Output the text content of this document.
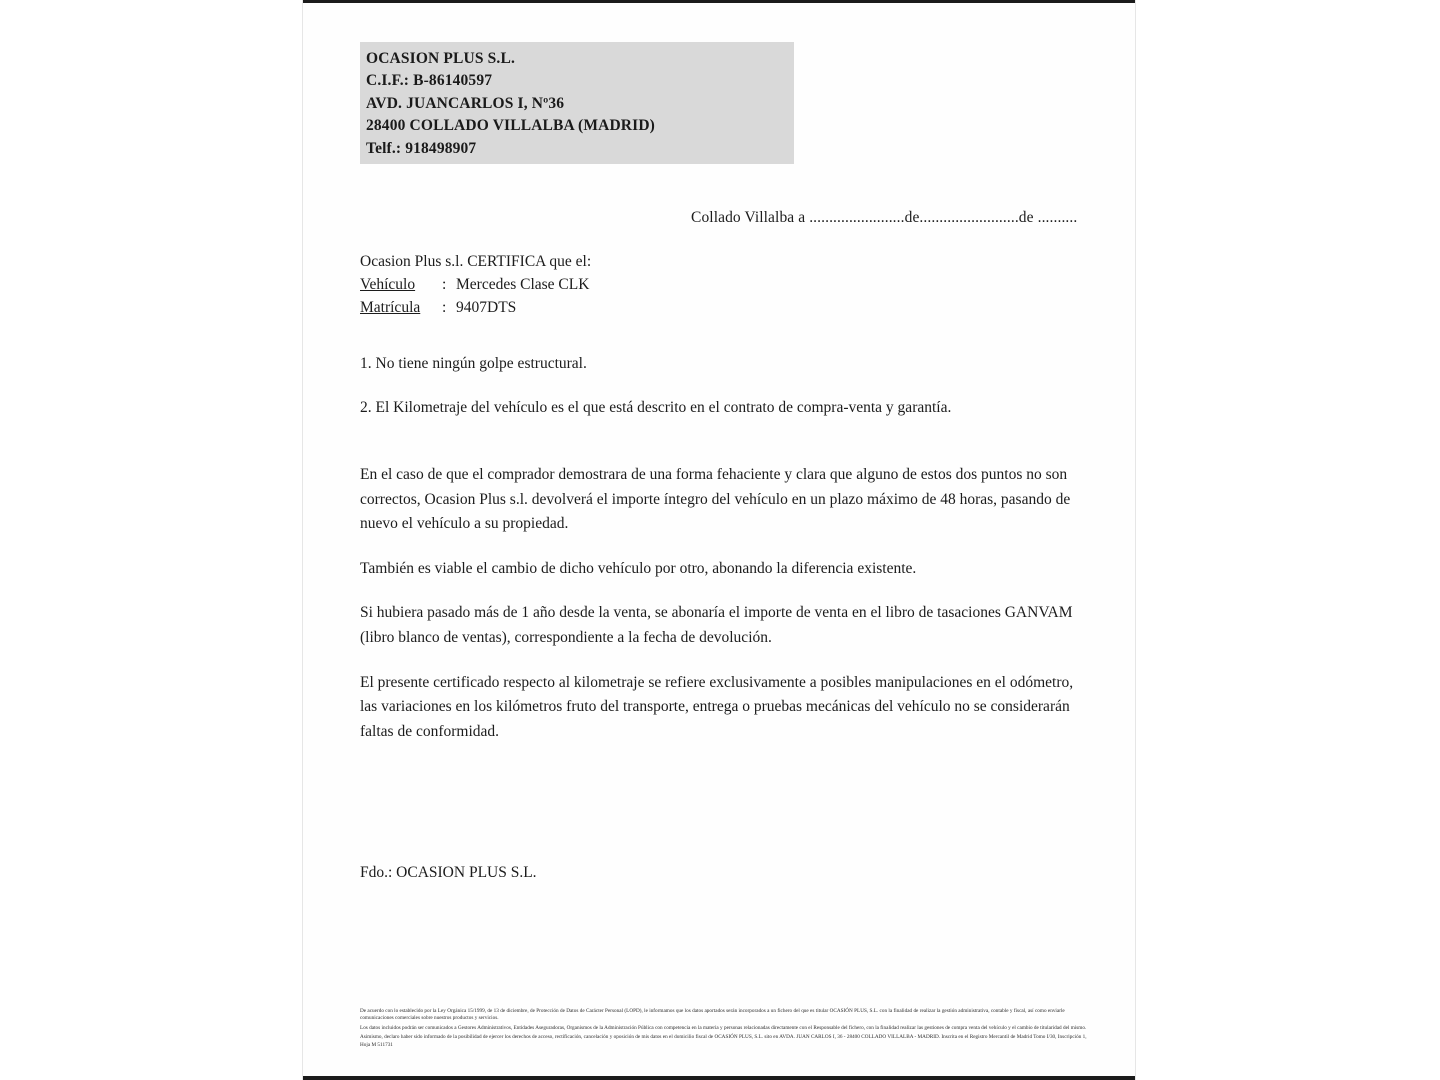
OCASION PLUS S.L.
C.I.F.: B-86140597
AVD. JUANCARLOS I, Nº36
28400 COLLADO VILLALBA (MADRID)
Telf.: 918498907
Collado Villalba a ........................de.........................de ..........
Ocasion Plus s.l. CERTIFICA que el:
Vehículo	: Mercedes Clase CLK
Matrícula	: 9407DTS
1. No tiene ningún golpe estructural.
2. El Kilometraje del vehículo es el que está descrito en el contrato de compra-venta y garantía.
En el caso de que el comprador demostrara de una forma fehaciente y clara que alguno de estos dos puntos no son correctos, Ocasion Plus s.l. devolverá el importe íntegro del vehículo en un plazo máximo de 48 horas, pasando de nuevo el vehículo a su propiedad.
También es viable el cambio de dicho vehículo por otro, abonando la diferencia existente.
Si hubiera pasado más de 1 año desde la venta, se abonaría el importe de venta en el libro de tasaciones GANVAM (libro blanco de ventas), correspondiente a la fecha de devolución.
El presente certificado respecto al kilometraje se refiere exclusivamente a posibles manipulaciones en el odómetro, las variaciones en los kilómetros fruto del transporte, entrega o pruebas mecánicas del vehículo no se considerarán faltas de conformidad.
Fdo.: OCASION PLUS S.L.

De acuerdo con lo establecido por la Ley Orgánica 15/1999, de 13 de diciembre, de Protección de Datos de Carácter Personal (LOPD), le informamos que los datos aportados serán incorporados a un fichero del que es titular OCASIÓN PLUS, S.L. con la finalidad de realizar la gestión administrativa, contable y fiscal, así como enviarle comunicaciones comerciales sobre nuestros productos y servicios.

Los datos incluidos podrán ser comunicados a Gestores Administrativos, Entidades Aseguradoras, Organismos de la Administración Pública con competencia en la materia y personas relacionadas directamente con el Responsable del fichero, con la finalidad realizar las gestiones de compra venta del vehículo y el cambio de titularidad del mismo.

Asimismo, declaro haber sido informado de la posibilidad de ejercer los derechos de acceso, rectificación, cancelación y oposición de mis datos en el domicilio fiscal de OCASIÓN PLUS, S.L. sito en AVDA. JUAN CARLOS I, 36 - 28400 COLLADO VILLALBA - MADRID. Inscrita en el Registro Mercantil de Madrid Tomo I/30, Inscripción 1, Hoja M 511731
